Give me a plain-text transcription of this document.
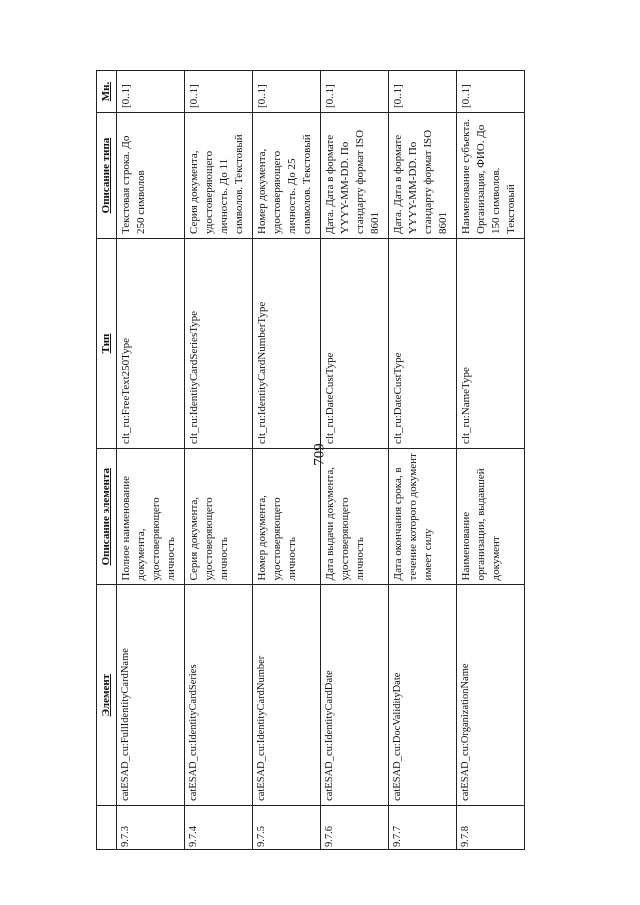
709
	Элемент	Описание элемента	Тип	Описание типа	Мн.
9.7.3	catESAD_cu:FullIdentityCardName	Полное наименование документа, удостоверяющего личность	clt_ru:FreeText250Type	Текстовая строка. До 250 символов	[0..1]
9.7.4	catESAD_cu:IdentityCardSeries	Серия документа, удостоверяющего личность	clt_ru:IdentityCardSeriesType	Серия документа, удостоверяющего личность. До 11 символов. Текстовый	[0..1]
9.7.5	catESAD_cu:IdentityCardNumber	Номер документа, удостоверяющего личность	clt_ru:IdentityCardNumberType	Номер документа, удостоверяющего личность. До 25 символов. Текстовый	[0..1]
9.7.6	catESAD_cu:IdentityCardDate	Дата выдачи документа, удостоверяющего личность	clt_ru:DateCustType	Дата. Дата в формате YYYY-MM-DD. По стандарту формат ISO 8601	[0..1]
9.7.7	catESAD_cu:DocValidityDate	Дата окончания срока, в течение которого документ имеет силу	clt_ru:DateCustType	Дата. Дата в формате YYYY-MM-DD. По стандарту формат ISO 8601	[0..1]
9.7.8	catESAD_cu:OrganizationName	Наименование организации, выдавшей документ	clt_ru:NameType	Наименование субъекта. Организация, ФИО. До 150 символов. Текстовый	[0..1]
